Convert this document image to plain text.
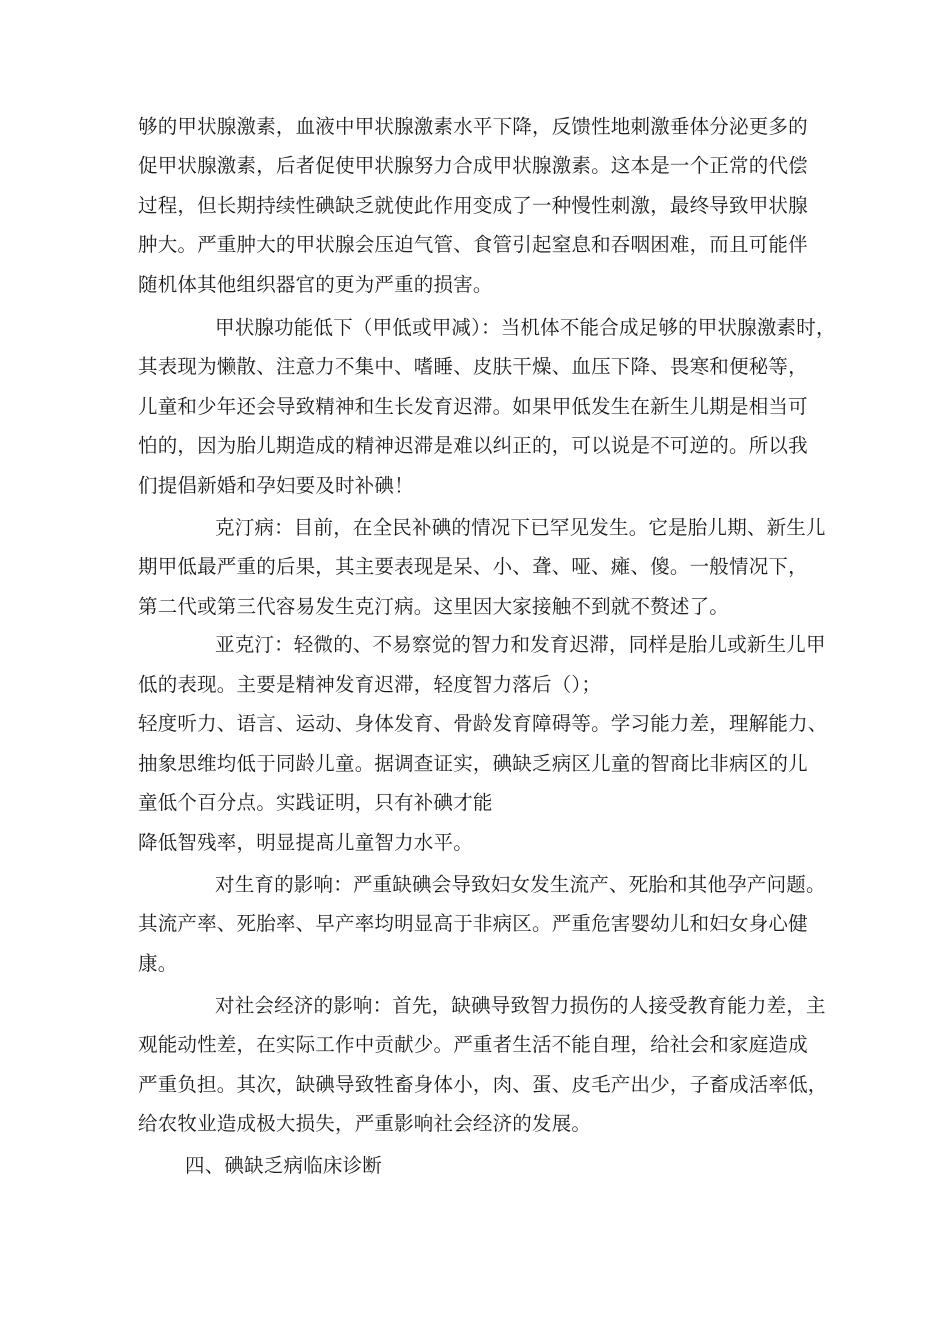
够的甲状腺激素，血液中甲状腺激素水平下降，反馈性地刺激垂体分泌更多的
促甲状腺激素，后者促使甲状腺努力合成甲状腺激素。这本是一个正常的代偿
过程，但长期持续性碘缺乏就使此作用变成了一种慢性刺激，最终导致甲状腺
肿大。严重肿大的甲状腺会压迫气管、食管引起窒息和吞咽困难，而且可能伴
随机体其他组织器官的更为严重的损害。
甲状腺功能低下（甲低或甲减）：当机体不能合成足够的甲状腺激素时，
其表现为懒散、注意力不集中、嗜睡、皮肤干燥、血压下降、畏寒和便秘等，
儿童和少年还会导致精神和生长发育迟滞。如果甲低发生在新生儿期是相当可
怕的，因为胎儿期造成的精神迟滞是难以纠正的，可以说是不可逆的。所以我
们提倡新婚和孕妇要及时补碘！
克汀病：目前，在全民补碘的情况下已罕见发生。它是胎儿期、新生儿
期甲低最严重的后果，其主要表现是呆、小、聋、哑、瘫、傻。一般情况下，
第二代或第三代容易发生克汀病。这里因大家接触不到就不赘述了。
亚克汀：轻微的、不易察觉的智力和发育迟滞，同样是胎儿或新生儿甲
低的表现。主要是精神发育迟滞，轻度智力落后（）；
轻度听力、语言、运动、身体发育、骨龄发育障碍等。学习能力差，理解能力、
抽象思维均低于同龄儿童。据调查证实，碘缺乏病区儿童的智商比非病区的儿
童低个百分点。实践证明，只有补碘才能
降低智残率，明显提髙儿童智力水平。
对生育的影响：严重缺碘会导致妇女发生流产、死胎和其他孕产问题。
其流产率、死胎率、早产率均明显高于非病区。严重危害婴幼儿和妇女身心健
康。
对社会经济的影响：首先，缺碘导致智力损伤的人接受教育能力差，主
观能动性差，在实际工作中贡献少。严重者生活不能自理，给社会和家庭造成
严重负担。其次，缺碘导致牲畜身体小，肉、蛋、皮毛产出少，子畜成活率低，
给农牧业造成极大损失，严重影响社会经济的发展。
四、碘缺乏病临床诊断
